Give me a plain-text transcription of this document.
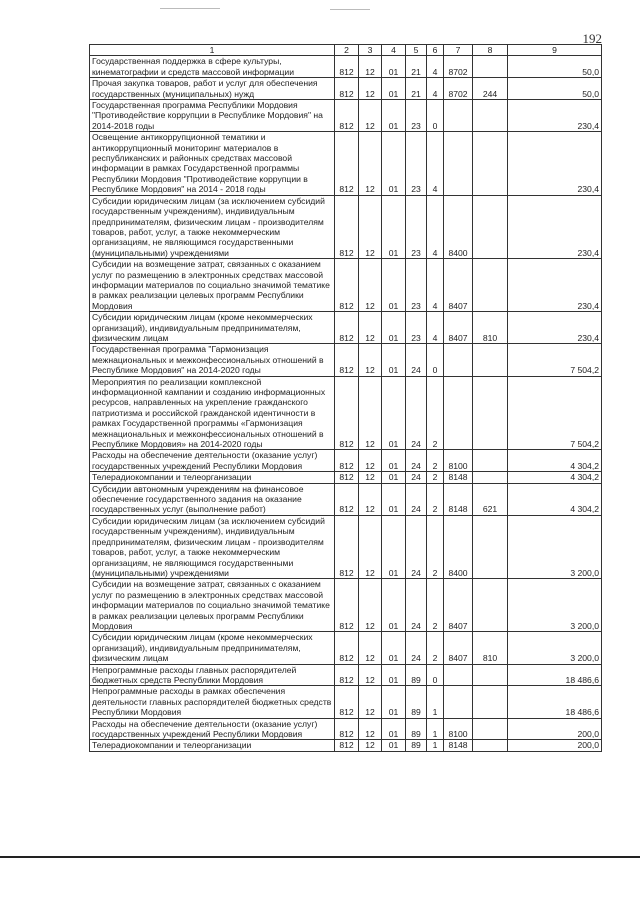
192
1	2	3	4	5	6	7	8	9
Государственная поддержка в сфере культуры, кинематографии и средств массовой информации	812	12	01	21	4	8702		50,0
Прочая закупка товаров, работ и услуг для обеспечения государственных (муниципальных) нужд	812	12	01	21	4	8702	244	50,0
Государственная программа Республики Мордовия "Противодействие коррупции в Республике Мордовия" на 2014-2018 годы	812	12	01	23	0			230,4
Освещение антикоррупционной тематики и антикоррупционный мониторинг материалов в республиканских и районных средствах массовой информации в рамках Государственной программы Республики Мордовия "Противодействие коррупции в Республике Мордовия" на 2014 - 2018 годы	812	12	01	23	4			230,4
Субсидии юридическим лицам (за исключением субсидий государственным учреждениям), индивидуальным предпринимателям, физическим лицам - производителям товаров, работ, услуг, а также некоммерческим организациям, не являющимся государственными (муниципальными) учреждениями	812	12	01	23	4	8400		230,4
Субсидии на возмещение затрат, связанных с оказанием услуг по размещению в электронных средствах массовой информации материалов по социально значимой тематике в рамках реализации целевых программ Республики Мордовия	812	12	01	23	4	8407		230,4
Субсидии юридическим лицам (кроме некоммерческих организаций), индивидуальным предпринимателям, физическим лицам	812	12	01	23	4	8407	810	230,4
Государственная программа "Гармонизация межнациональных и межконфессиональных отношений в Республике Мордовия" на 2014-2020 годы	812	12	01	24	0			7 504,2
Мероприятия по реализации комплексной информационной кампании и созданию информационных ресурсов, направленных на укрепление гражданского патриотизма и российской гражданской идентичности в рамках Государственной программы «Гармонизация межнациональных и межконфессиональных отношений в Республике Мордовия» на 2014-2020 годы	812	12	01	24	2			7 504,2
Расходы на обеспечение деятельности (оказание услуг) государственных учреждений Республики Мордовия	812	12	01	24	2	8100		4 304,2
Телерадиокомпании и телеорганизации	812	12	01	24	2	8148		4 304,2
Субсидии автономным учреждениям на финансовое обеспечение государственного задания на оказание государственных услуг (выполнение работ)	812	12	01	24	2	8148	621	4 304,2
Субсидии юридическим лицам (за исключением субсидий государственным учреждениям), индивидуальным предпринимателям, физическим лицам - производителям товаров, работ, услуг, а также некоммерческим организациям, не являющимся государственными (муниципальными) учреждениями	812	12	01	24	2	8400		3 200,0
Субсидии на возмещение затрат, связанных с оказанием услуг по размещению в электронных средствах массовой информации материалов по социально значимой тематике в рамках реализации целевых программ Республики Мордовия	812	12	01	24	2	8407		3 200,0
Субсидии юридическим лицам (кроме некоммерческих организаций), индивидуальным предпринимателям, физическим лицам	812	12	01	24	2	8407	810	3 200,0
Непрограммные расходы главных распорядителей бюджетных средств Республики Мордовия	812	12	01	89	0			18 486,6
Непрограммные расходы в рамках обеспечения деятельности главных распорядителей бюджетных средств Республики Мордовия	812	12	01	89	1			18 486,6
Расходы на обеспечение деятельности (оказание услуг) государственных учреждений Республики Мордовия	812	12	01	89	1	8100		200,0
Телерадиокомпании и телеорганизации	812	12	01	89	1	8148		200,0
